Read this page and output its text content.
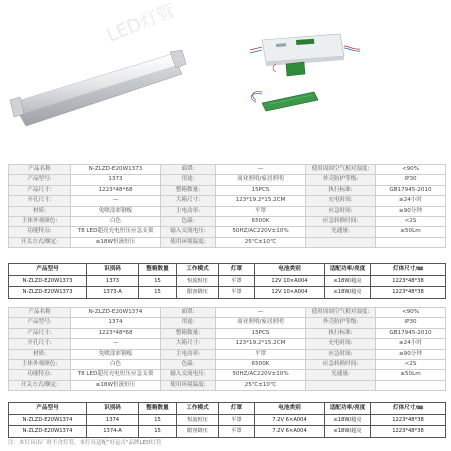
LED灯管
产品名称	N-ZLZD-E20W1373	面罩:	—	使用周围空气相对湿度:	<90%
产品型号:	1373	用途:	商业照明/家居照明	外壳防护等级:	IP30
产品尺寸:	1223*48*68	整箱数量:	15PCS	执行标准:	GB17945-2010
开孔尺寸:	—	大箱尺寸:	123*19.2*15.2CM	充电时间:	≥24小时
材质:	免喷涂彩钢板	主电功率:	平罩	应急时间:	≥90分钟
主体外观颜色:	白色	色温:	6500K	应急转换时间:	<2S
功能特点:	T8 LED超亮充电恒压应急支架	输入交流电压:	50HZ/AC220V±10%	光通量:	≥50Lm
开关方式/额定:	≤18W恒流恒压	使用环境温度:	25℃±10℃		
产品型号	识别码	整箱数量	工作模式	灯罩	电池类别	适配功率/亮度	灯体尺寸/㎜
N-ZLZD-E20W1373	1373	15	恒流恒压	平罩	12V 10×A004	≤18W/超亮	1223*48*38
N-ZLZD-E20W1373	1373-A	15	限容降压	平罩	12V 10×A004	≤18W/超亮	1223*48*38
产品名称	N-ZLZD-E20W1374	面罩:	—	使用周围空气相对湿度:	<90%
产品型号:	1374	用途:	商业照明/家居照明	外壳防护等级:	IP30
产品尺寸:	1223*48*68	整箱数量:	15PCS	执行标准:	GB17945-2010
开孔尺寸:	—	大箱尺寸:	123*19.2*15.2CM	充电时间:	≥24小时
材质:	免喷涂彩钢板	主电功率:	平罩	应急时间:	≥90分钟
主体外观颜色:	白色	色温:	6500K	应急转换时间:	<2S
功能特点:	T8 LED超亮充电恒压应急支架	输入交流电压:	50HZ/AC220V±10%	光通量:	≥50Lm
开关方式/额定:	≤18W恒流恒压	使用环境温度:	25℃±10℃		
产品型号	识别码	整箱数量	工作模式	灯罩	电池类别	适配功率/亮度	灯体尺寸/㎜
N-ZLZD-E20W1374	1374	15	恒流恒压	平罩	7.2V 6×A004	≤18W/超亮	1223*48*38
N-ZLZD-E20W1374	1374-A	15	限容降压	平罩	7.2V 6×A004	≤18W/超亮	1223*48*38
注：本灯具出厂时不含灯管，本灯具适配"好运吉"品牌LED灯管
